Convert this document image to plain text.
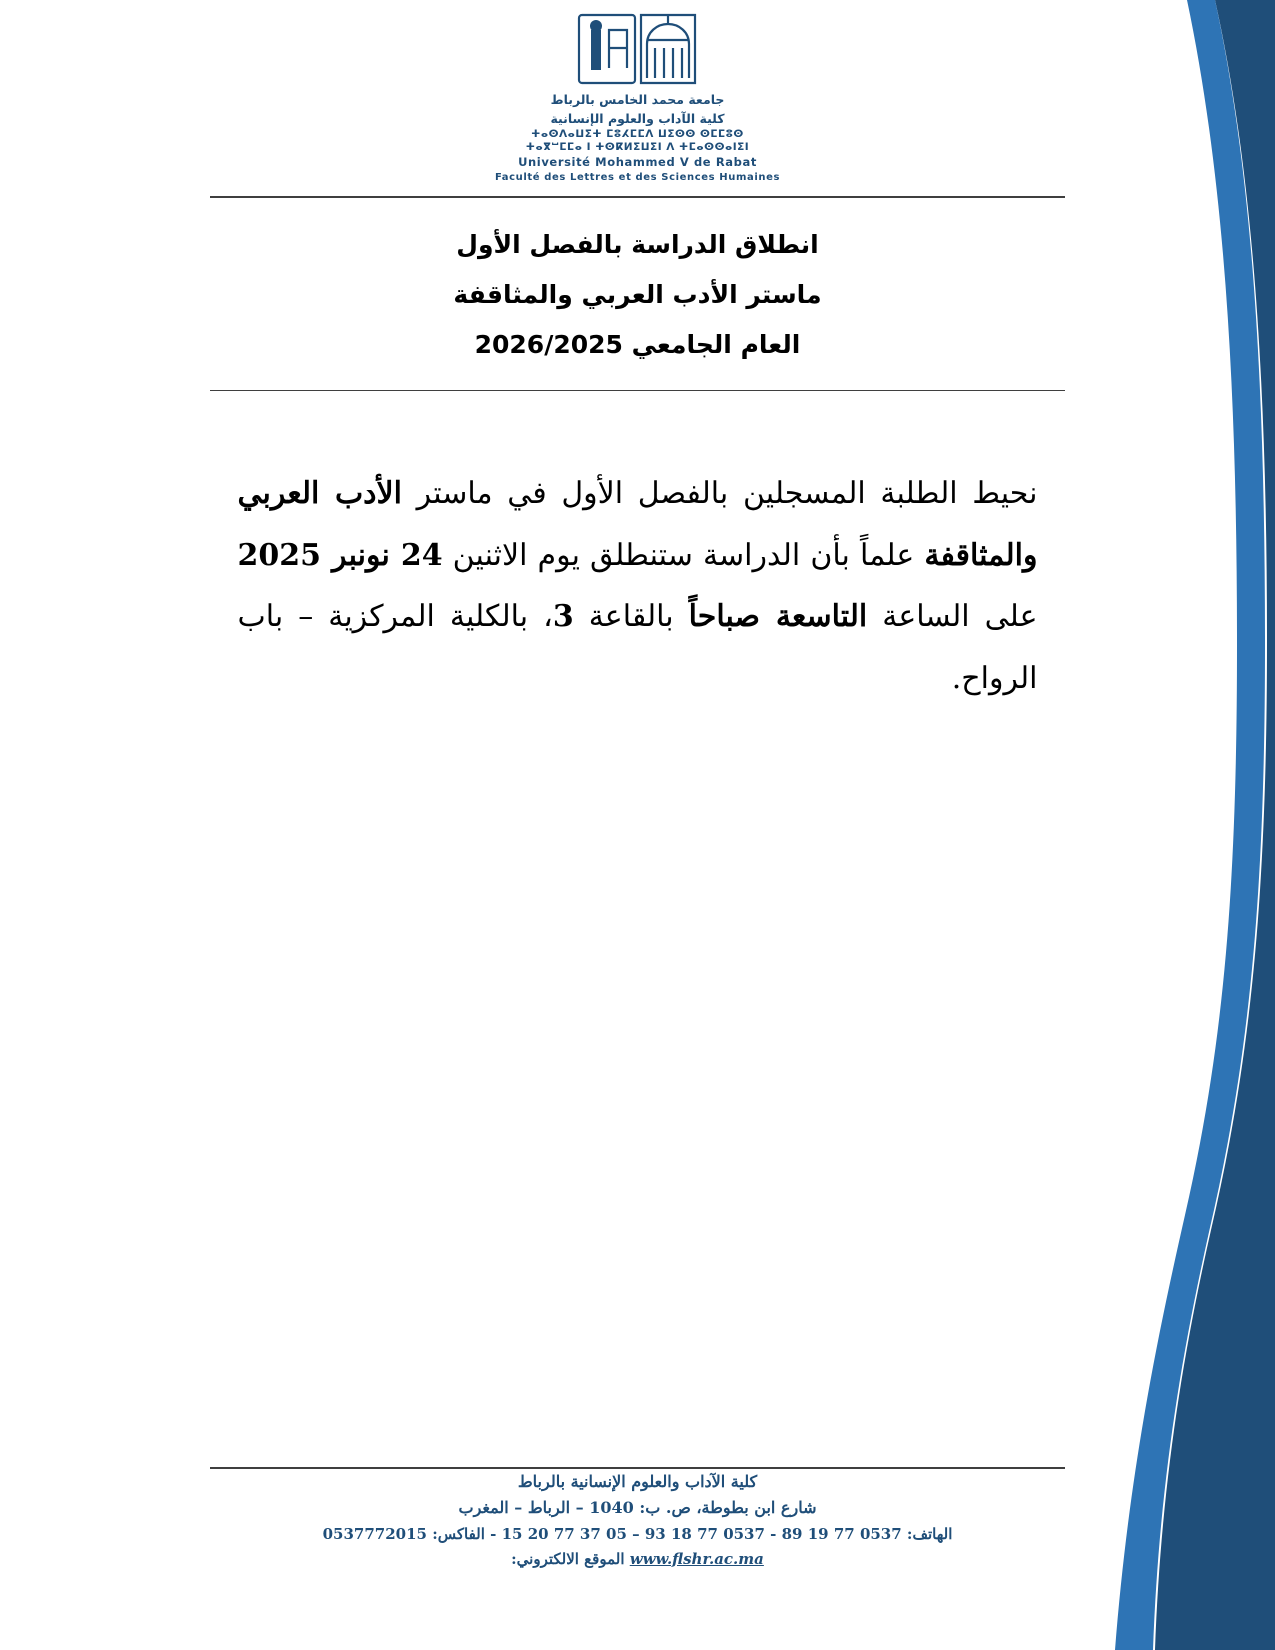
جامعة محمد الخامس بالرباط
كلية الآداب والعلوم الإنسانية
ⵜⴰⵙⴷⴰⵡⵉⵜ ⵎⵓⵃⵎⵎⴷ ⵡⵉⵙⵙ ⵙⵎⵎⵓⵙ
ⵜⴰⴳⵯⵎⵎⴰ ⵏ ⵜⵙⴽⵍⵉⵡⵉⵏ ⴷ ⵜⵎⴰⵙⵙⴰⵏⵉⵏ
Université Mohammed V de Rabat
Faculté des Lettres et des Sciences Humaines
انطلاق الدراسة بالفصل الأول
ماستر الأدب العربي والمثاقفة
العام الجامعي 2026/2025
نحيط الطلبة المسجلين بالفصل الأول في ماستر الأدب العربي والمثاقفة علماً بأن الدراسة ستنطلق يوم الاثنين 24 نونبر 2025 على الساعة التاسعة صباحاً بالقاعة 3، بالكلية المركزية – باب الرواح.
كلية الآداب والعلوم الإنسانية بالرباط
شارع ابن بطوطة، ص. ب: 1040 – الرباط – المغرب
الهاتف: 0537 77 19 89 - 0537 77 18 93 – 05 37 77 20 15 - الفاكس: 0537772015
www.flshr.ac.ma الموقع الالكتروني:
